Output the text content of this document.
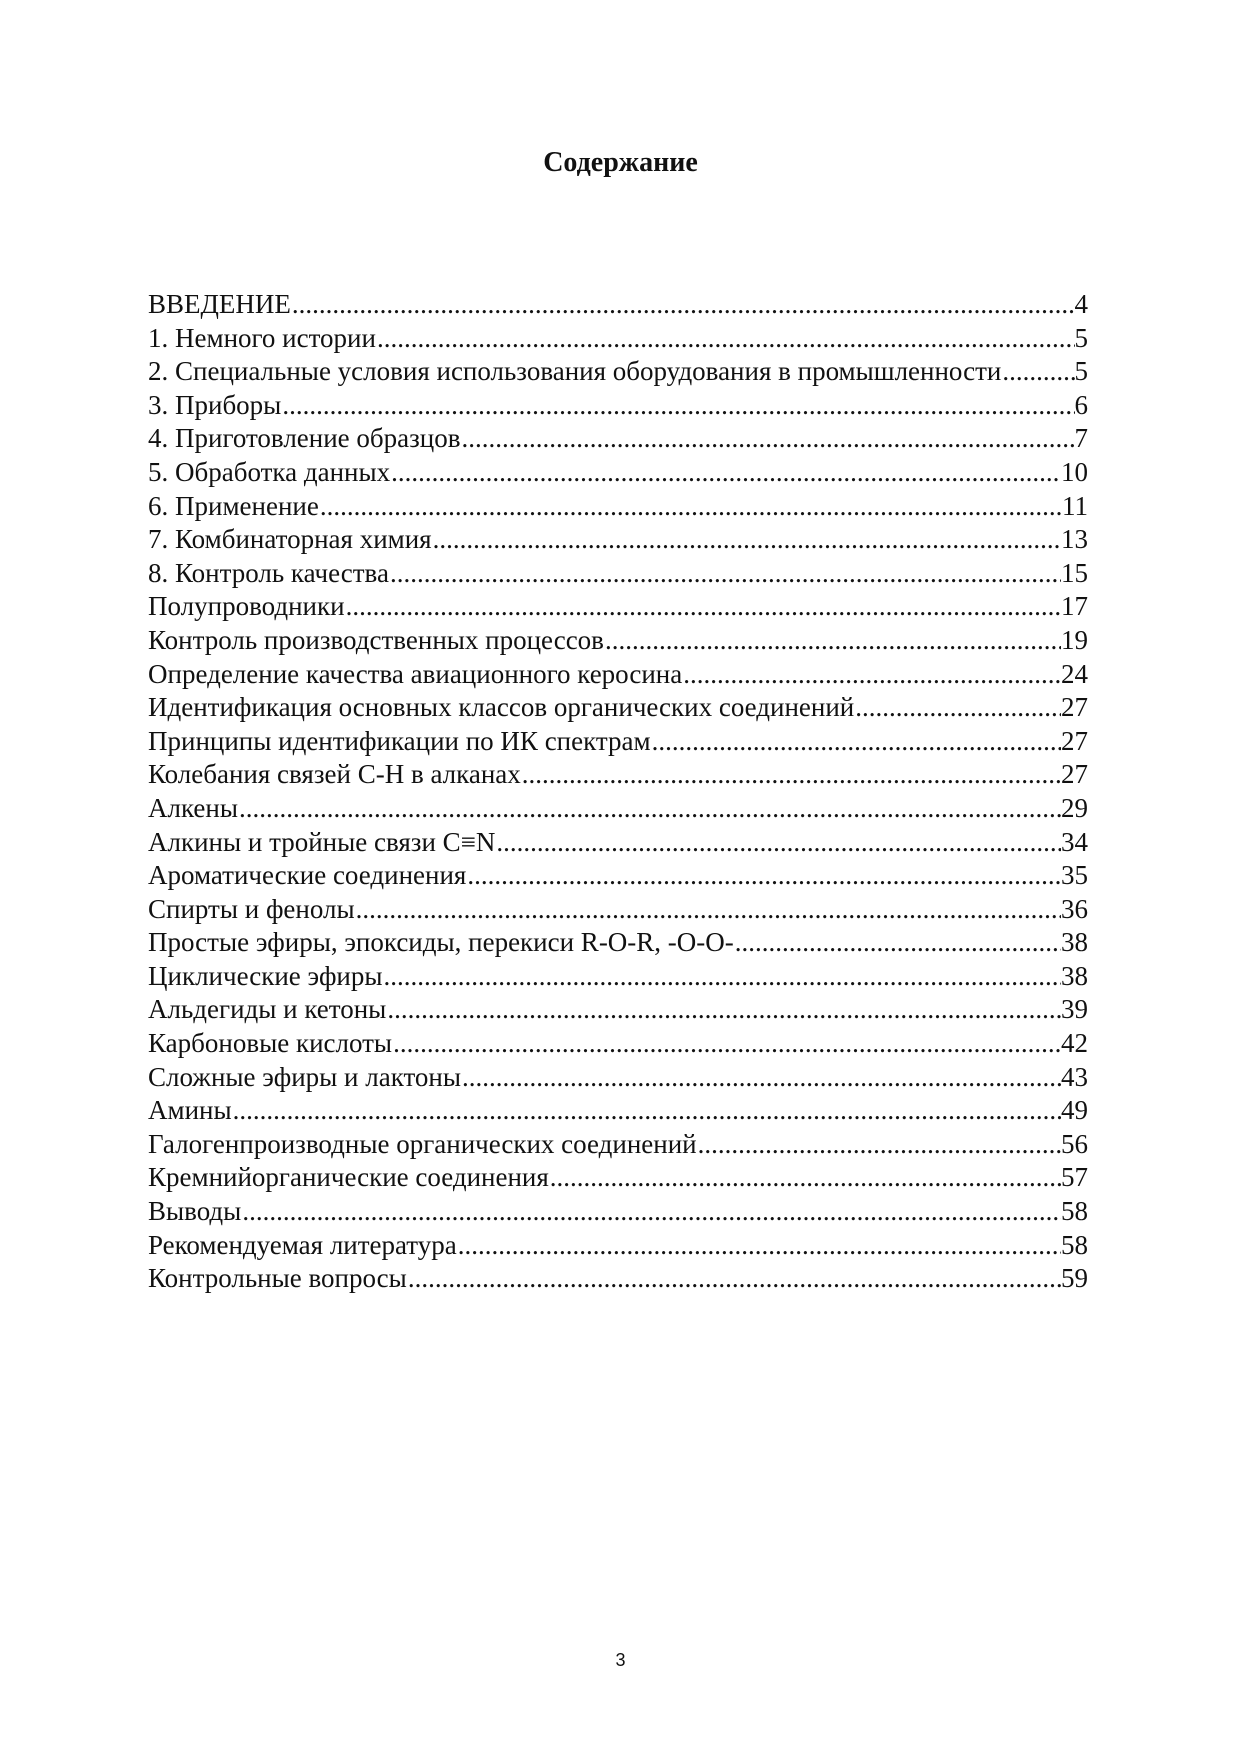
Содержание
ВВЕДЕНИЕ .....	4
1. Немного истории .....	5
2. Специальные условия использования оборудования в промышленности .....	5
3. Приборы .....	6
4. Приготовление образцов .....	7
5. Обработка данных .....	10
6. Применение .....	11
7. Комбинаторная химия .....	13
8. Контроль качества .....	15
Полупроводники .....	17
Контроль производственных процессов .....	19
Определение качества авиационного керосина .....	24
Идентификация основных классов органических соединений .....	27
Принципы идентификации по ИК спектрам .....	27
Колебания связей С-Н в алканах .....	27
Алкены .....	29
Алкины и тройные связи С≡N .....	34
Ароматические соединения .....	35
Спирты и фенолы .....	36
Простые эфиры, эпоксиды, перекиси R-O-R, -O-O- .....	38
Циклические эфиры .....	38
Альдегиды и кетоны .....	39
Карбоновые кислоты .....	42
Сложные эфиры и лактоны .....	43
Амины .....	49
Галогенпроизводные органических соединений .....	56
Кремнийорганические соединения .....	57
Выводы .....	58
Рекомендуемая литература .....	58
Контрольные вопросы .....	59
3
